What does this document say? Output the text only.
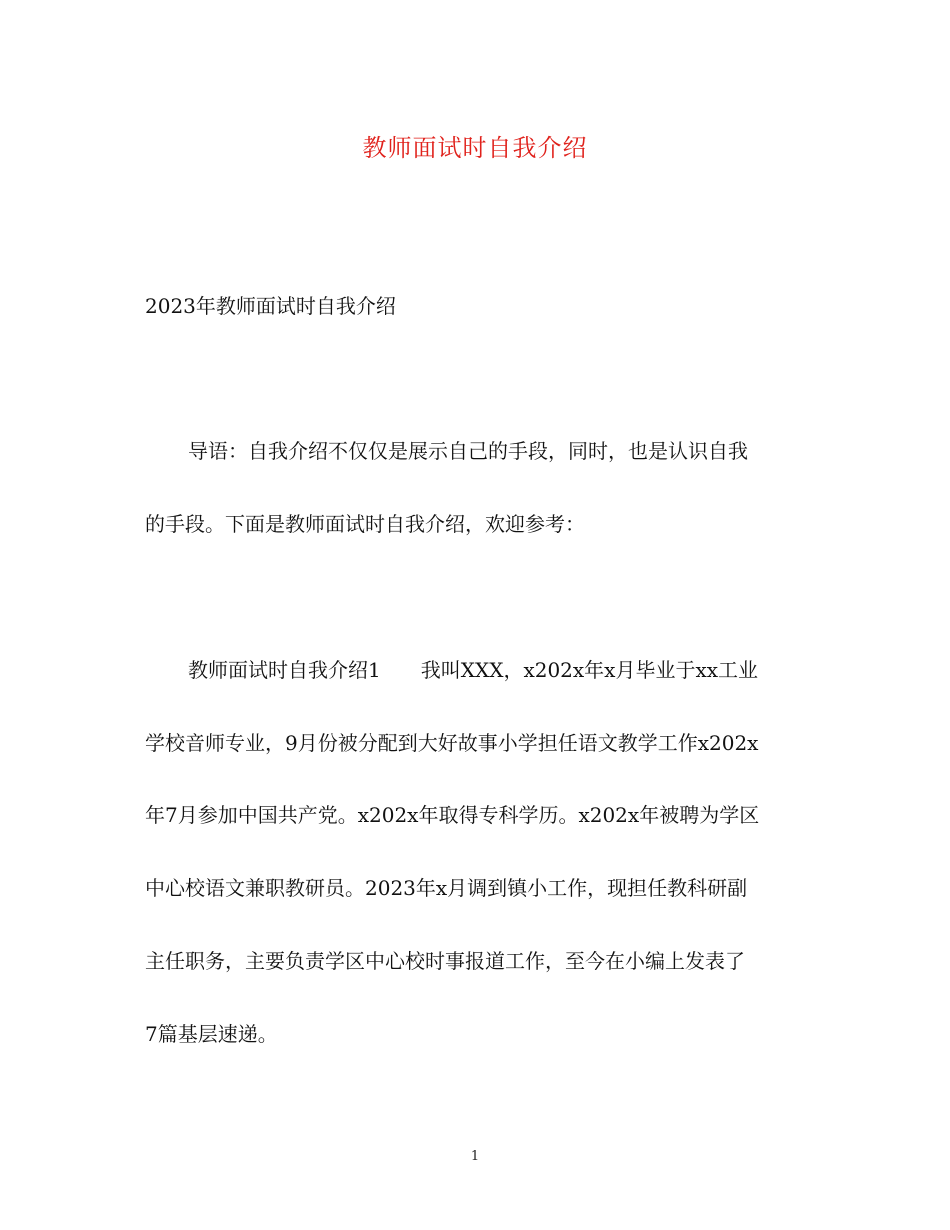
教师面试时自我介绍
2023年教师面试时自我介绍
导语：自我介绍不仅仅是展示自己的手段，同时，也是认识自我
的手段。下面是教师面试时自我介绍，欢迎参考：
教师面试时自我介绍1　　我叫XXX，x202x年x月毕业于xx工业
学校音师专业，9月份被分配到大好故事小学担任语文教学工作x202x
年7月参加中国共产党。x202x年取得专科学历。x202x年被聘为学区
中心校语文兼职教研员。2023年x月调到镇小工作，现担任教科研副
主任职务，主要负责学区中心校时事报道工作，至今在小编上发表了
7篇基层速递。
1
